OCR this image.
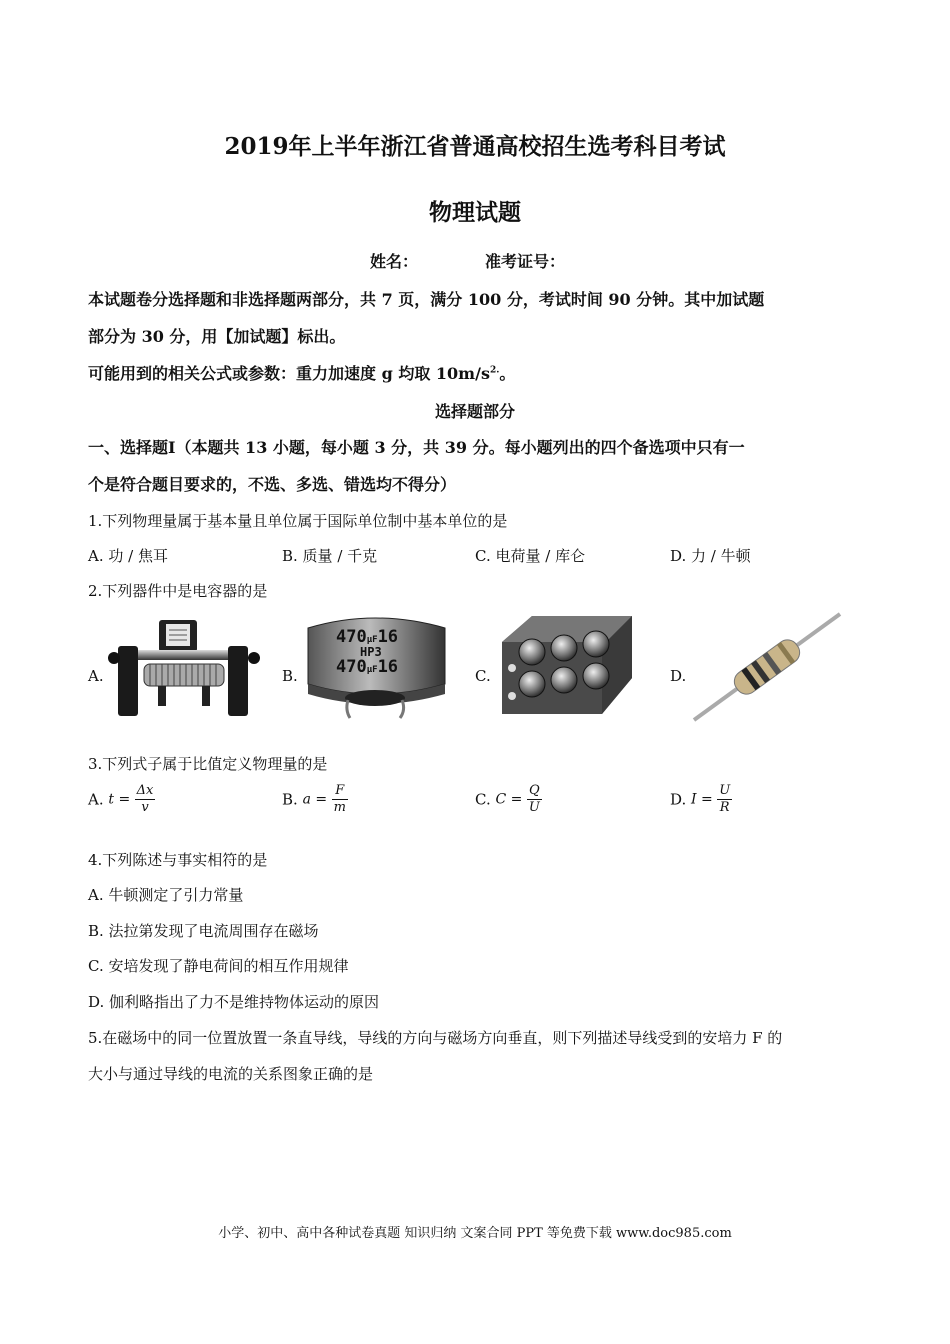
2019年上半年浙江省普通高校招生选考科目考试
物理试题
姓名：	准考证号：
本试题卷分选择题和非选择题两部分，共 7 页，满分 100 分，考试时间 90 分钟。其中加试题
部分为 30 分，用【加试题】标出。
可能用到的相关公式或参数：重力加速度 g 均取 $10m/s^{2.}$。
选择题部分
一、选择题Ⅰ（本题共 13 小题，每小题 3 分，共 39 分。每小题列出的四个备选项中只有一
个是符合题目要求的，不选、多选、错选均不得分）
1.下列物理量属于基本量且单位属于国际单位制中基本单位的是
A. 功 / 焦耳	B. 质量 / 千克	C. 电荷量 / 库仑	D. 力 / 牛顿
2.下列器件中是电容器的是
A.	B.	C.	D.
470μF16
HP3
470μF16
3.下列式子属于比值定义物理量的是
A. $t = \frac{\Delta x}{v}$	B. $a = \frac{F}{m}$	C. $C = \frac{Q}{U}$	D. $I = \frac{U}{R}$
4.下列陈述与事实相符的是
A. 牛顿测定了引力常量
B. 法拉第发现了电流周围存在磁场
C. 安培发现了静电荷间的相互作用规律
D. 伽利略指出了力不是维持物体运动的原因
5.在磁场中的同一位置放置一条直导线，导线的方向与磁场方向垂直，则下列描述导线受到的安培力 F 的
大小与通过导线的电流的关系图象正确的是
小学、初中、高中各种试卷真题 知识归纳 文案合同 PPT 等免费下载 www.doc985.com
